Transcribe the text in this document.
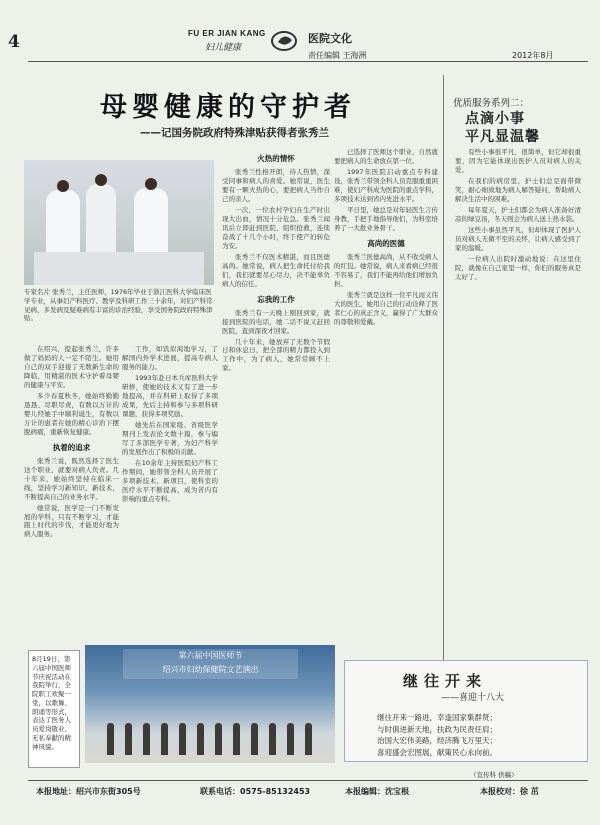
4	FU ER JIAN KANG
妇儿健康
医院文化
责任编辑 王海洲	2012年8月
母婴健康的守护者
——记国务院政府特殊津贴获得者张秀兰
专家名片 张秀兰，主任医师，1976年毕业于浙江医科大学临床医学专业，从事妇产科医疗、教学及科研工作三十余年，对妇产科常见病、多发病及疑难病有丰富的诊治经验，享受国务院政府特殊津贴。

在绍兴，提起张秀兰，许多做了妈妈的人一定不陌生。她用自己的双手迎接了无数新生命的降临，用精湛的医术守护着母婴的健康与平安。

多少春夏秋冬，她始终勤勤恳恳、尽职尽责，有数以万计的婴儿经她手中顺利诞生，有数以万计的患者在她的精心诊治下摆脱病痛，重新恢复健康。

执着的追求

张秀兰说，既然选择了医生这个职业，就要对病人负责。几十年来，她始终坚持在临床一线，坚持学习新知识、新技术，不断提高自己的业务水平。

她常说，医学是一门不断发展的学科，只有不断学习，才能跟上时代的步伐，才能更好地为病人服务。

工作，如饥似渴地学习，了解国内外学术进展，提高专病人服务的能力。

1993年赴日本兵库医科大学研修，使她的技术又有了进一步地提高，并在科研上取得了多项成果，先后主持和参与多项科研课题，获得多项奖励。

她先后在国家级、省级医学期刊上发表论文数十篇，参与编写了多部医学专著，为妇产科学的发展作出了积极的贡献。

在10余年主持医院妇产科工作期间，她带领全科人员开展了多项新技术、新项目，使科室的医疗水平不断提高，成为省内有影响的重点专科。

火热的情怀

张秀兰性格开朗，待人热情，深受同事和病人的喜爱。她常说，医生要有一颗火热的心，要把病人当作自己的亲人。

一次，一位农村孕妇在生产时出现大出血，情况十分危急。张秀兰闻讯后立即赶到医院，组织抢救，连续奋战了十几个小时，终于使产妇转危为安。

张秀兰不仅医术精湛，而且医德高尚。她常说，病人把生命托付给我们，我们就要尽心尽力，决不能辜负病人的信任。

忘我的工作

张秀兰有一天晚上刚回到家，就接到医院的电话，她二话不说又赶回医院，直到深夜才回家。

几十年来，她放弃了无数个节假日和休息日，把全部的精力都投入到工作中，为了病人，她常常顾不上家。

已选择了医师这个职业，自然就要把病人的生命放在第一位。

1997年医院启动重点专科建设，张秀兰带领全科人员克服重重困难，使妇产科成为医院的重点学科，多项技术达到省内先进水平。

平日里，她总是对年轻医生言传身教，手把手地指导他们，为科室培养了一大批业务骨干。

高尚的医德

张秀兰医德高尚，从不收受病人的红包。她常说，病人来看病已经很不容易了，我们不能再给他们增加负担。

张秀兰就是这样一位平凡而又伟大的医生，她用自己的行动诠释了医者仁心的真正含义，赢得了广大群众的尊敬和爱戴。

优质服务系列二：
点滴小事
平凡显温馨

有些小事很平凡，很简单，但它却很重要，因为它能体现出医护人员对病人的关爱。

在我们的病房里，护士们总是面带微笑，耐心细致地为病人解答疑问，帮助病人解决生活中的困难。

每年夏天，护士们都会为病人准备好清凉的绿豆汤，冬天则会为病人送上热水袋。

这些小事虽然平凡，但却体现了医护人员对病人无微不至的关怀，让病人感受到了家的温暖。

一位病人出院时激动地说：在这里住院，就像在自己家里一样，你们的服务真是太好了。

8月19日，第六届中国医师节庆祝活动在我院举行，全院职工欢聚一堂，以歌舞、朗诵等形式，表达了医务人员爱岗敬业、无私奉献的精神风貌。
第六届中国医师节
绍兴市妇幼保健院文艺演出
继往开来
——喜迎十八大
继往开来一路进，幸逢国家集群贤；
与时俱进新天地，扶政为民责任肩；
治国大宏伟美路，经济腾飞万里天；
喜迎盛会宏图展，献策民心永向前。
（宣传科 供稿）
本报地址：绍兴市东街305号	联系电话：0575-85132453	本报编辑：沈宝根	本报校对：徐 茁
